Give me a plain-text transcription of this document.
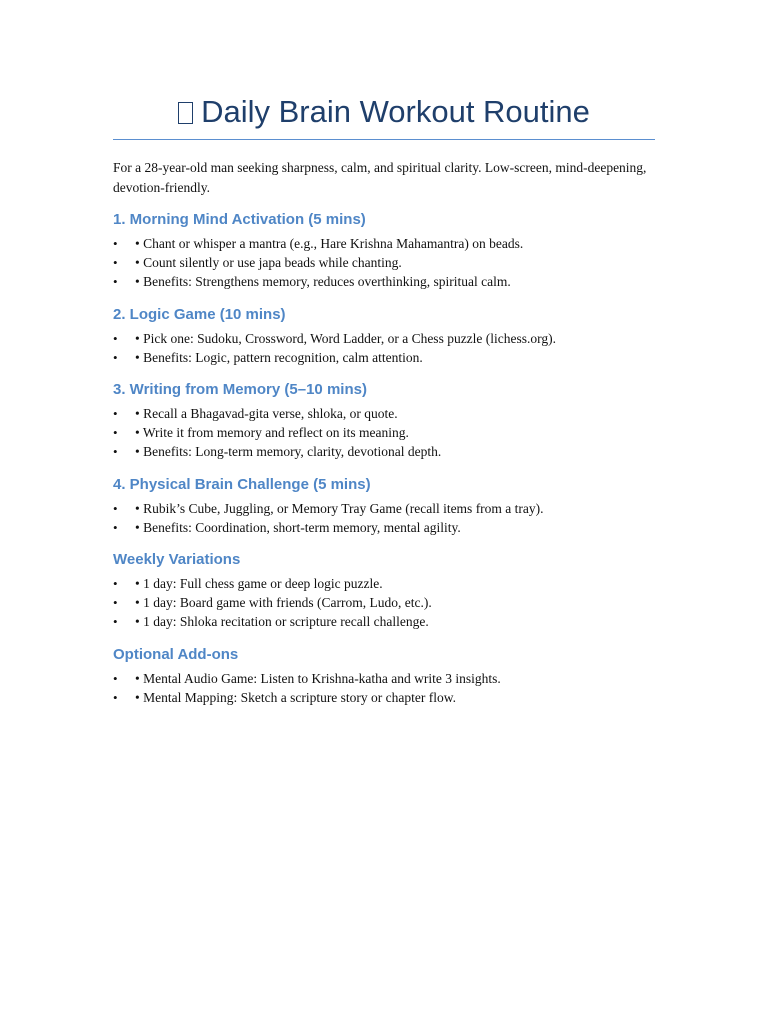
Daily Brain Workout Routine

For a 28-year-old man seeking sharpness, calm, and spiritual clarity. Low-screen, mind-deepening, devotion-friendly.

1. Morning Mind Activation (5 mins)
• • Chant or whisper a mantra (e.g., Hare Krishna Mahamantra) on beads.
• • Count silently or use japa beads while chanting.
• • Benefits: Strengthens memory, reduces overthinking, spiritual calm.
2. Logic Game (10 mins)
• • Pick one: Sudoku, Crossword, Word Ladder, or a Chess puzzle (lichess.org).
• • Benefits: Logic, pattern recognition, calm attention.
3. Writing from Memory (5–10 mins)
• • Recall a Bhagavad-gita verse, shloka, or quote.
• • Write it from memory and reflect on its meaning.
• • Benefits: Long-term memory, clarity, devotional depth.
4. Physical Brain Challenge (5 mins)
• • Rubik’s Cube, Juggling, or Memory Tray Game (recall items from a tray).
• • Benefits: Coordination, short-term memory, mental agility.
Weekly Variations
• • 1 day: Full chess game or deep logic puzzle.
• • 1 day: Board game with friends (Carrom, Ludo, etc.).
• • 1 day: Shloka recitation or scripture recall challenge.
Optional Add-ons
• • Mental Audio Game: Listen to Krishna-katha and write 3 insights.
• • Mental Mapping: Sketch a scripture story or chapter flow.
